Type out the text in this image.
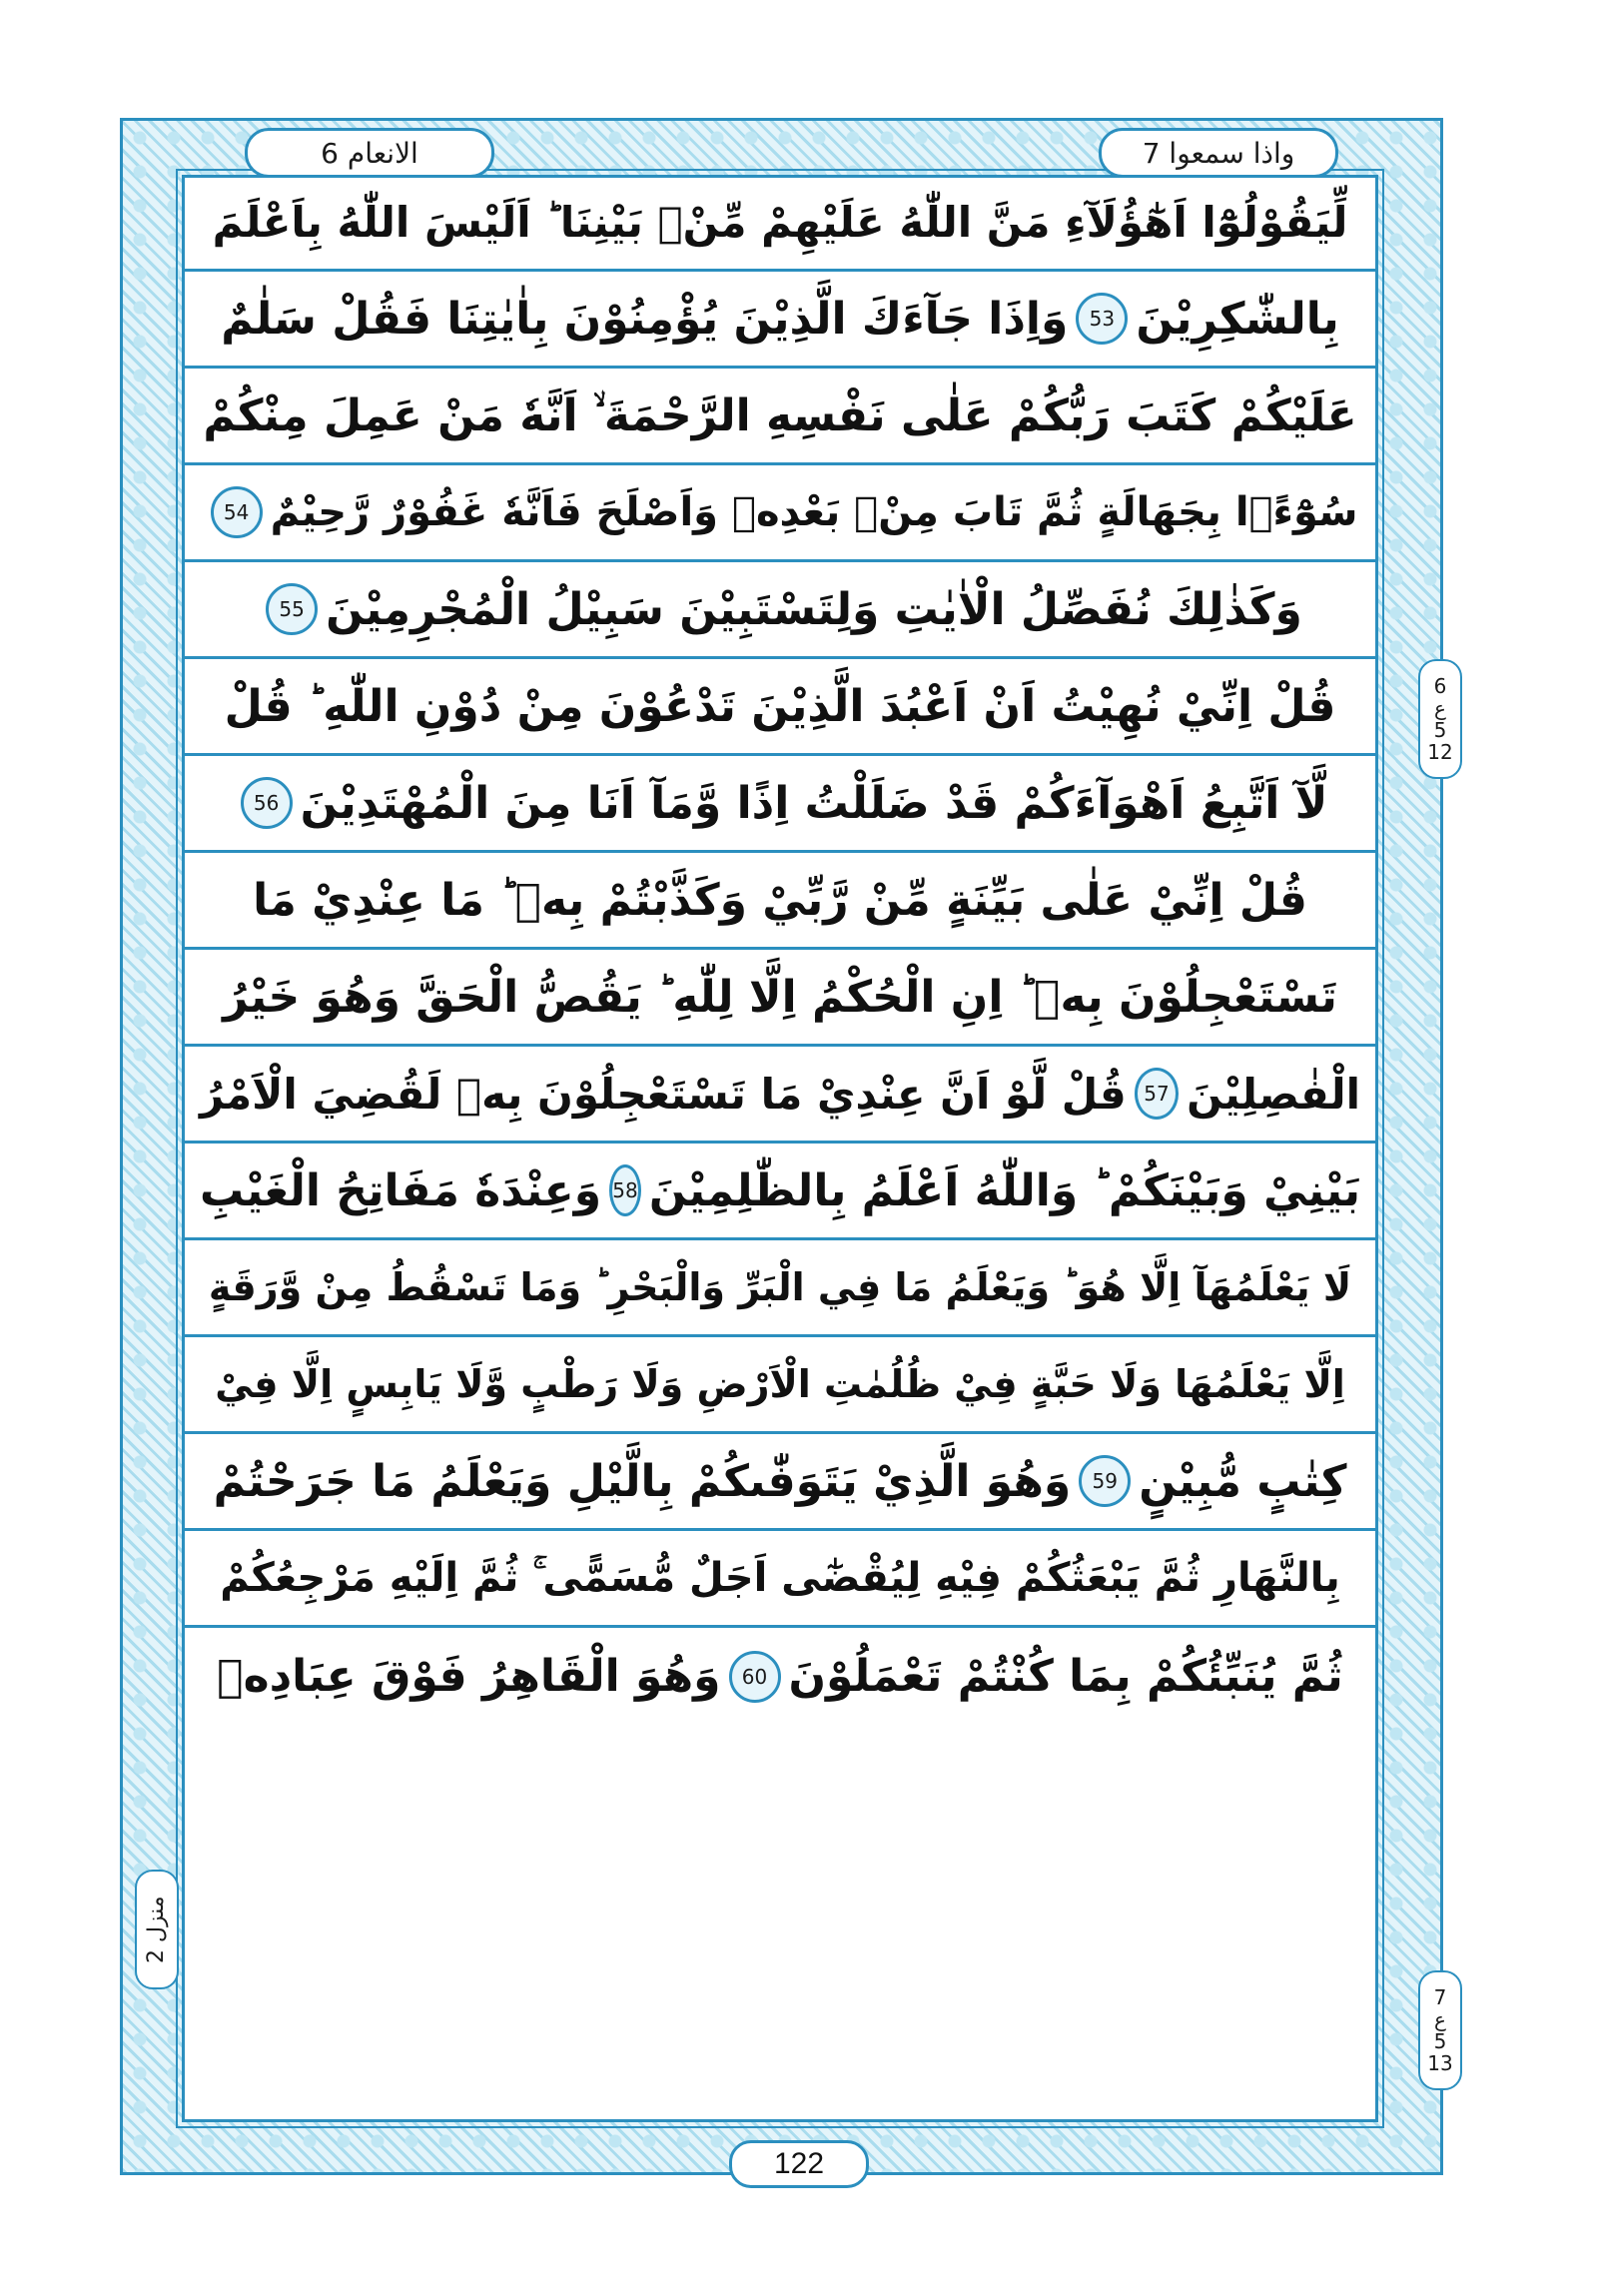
الانعام 6	واذا سمعوا 7
لِّيَقُوْلُوْٓا اَهٰٓؤُلَآءِ مَنَّ اللّٰهُ عَلَيْهِمْ مِّنْۢ بَيْنِنَا ؕ اَلَيْسَ اللّٰهُ بِاَعْلَمَ
بِالشّٰكِرِيْنَ
53
وَاِذَا جَآءَكَ الَّذِيْنَ يُؤْمِنُوْنَ بِاٰيٰتِنَا فَقُلْ سَلٰمٌ
عَلَيْكُمْ كَتَبَ رَبُّكُمْ عَلٰى نَفْسِهِ الرَّحْمَةَ ۙ اَنَّهٗ مَنْ عَمِلَ مِنْكُمْ
سُوْٓءًۢا بِجَهَالَةٍ ثُمَّ تَابَ مِنْۢ بَعْدِهٖ وَاَصْلَحَ فَاَنَّهٗ غَفُوْرٌ رَّحِيْمٌ
54
وَكَذٰلِكَ نُفَصِّلُ الْاٰيٰتِ وَلِتَسْتَبِيْنَ سَبِيْلُ الْمُجْرِمِيْنَ
55
قُلْ اِنِّيْ نُهِيْتُ اَنْ اَعْبُدَ الَّذِيْنَ تَدْعُوْنَ مِنْ دُوْنِ اللّٰهِ ؕ قُلْ
لَّآ اَتَّبِعُ اَهْوَآءَكُمْ قَدْ ضَلَلْتُ اِذًا وَّمَآ اَنَا مِنَ الْمُهْتَدِيْنَ
56
قُلْ اِنِّيْ عَلٰى بَيِّنَةٍ مِّنْ رَّبِّيْ وَكَذَّبْتُمْ بِهٖ ؕ مَا عِنْدِيْ مَا
تَسْتَعْجِلُوْنَ بِهٖ ؕ اِنِ الْحُكْمُ اِلَّا لِلّٰهِ ؕ يَقُصُّ الْحَقَّ وَهُوَ خَيْرُ
الْفٰصِلِيْنَ
57
قُلْ لَّوْ اَنَّ عِنْدِيْ مَا تَسْتَعْجِلُوْنَ بِهٖ لَقُضِيَ الْاَمْرُ
بَيْنِيْ وَبَيْنَكُمْ ؕ وَاللّٰهُ اَعْلَمُ بِالظّٰلِمِيْنَ
58
وَعِنْدَهٗ مَفَاتِحُ الْغَيْبِ
لَا يَعْلَمُهَآ اِلَّا هُوَ ؕ وَيَعْلَمُ مَا فِي الْبَرِّ وَالْبَحْرِ ؕ وَمَا تَسْقُطُ مِنْ وَّرَقَةٍ
اِلَّا يَعْلَمُهَا وَلَا حَبَّةٍ فِيْ ظُلُمٰتِ الْاَرْضِ وَلَا رَطْبٍ وَّلَا يَابِسٍ اِلَّا فِيْ
كِتٰبٍ مُّبِيْنٍ
59
وَهُوَ الَّذِيْ يَتَوَفّٰىكُمْ بِالَّيْلِ وَيَعْلَمُ مَا جَرَحْتُمْ
بِالنَّهَارِ ثُمَّ يَبْعَثُكُمْ فِيْهِ لِيُقْضٰٓى اَجَلٌ مُّسَمًّى ۚ ثُمَّ اِلَيْهِ مَرْجِعُكُمْ
ثُمَّ يُنَبِّئُكُمْ بِمَا كُنْتُمْ تَعْمَلُوْنَ
60
وَهُوَ الْقَاهِرُ فَوْقَ عِبَادِهٖ
6
ع
5
12
7
ع
5
13
منزل 2
122
